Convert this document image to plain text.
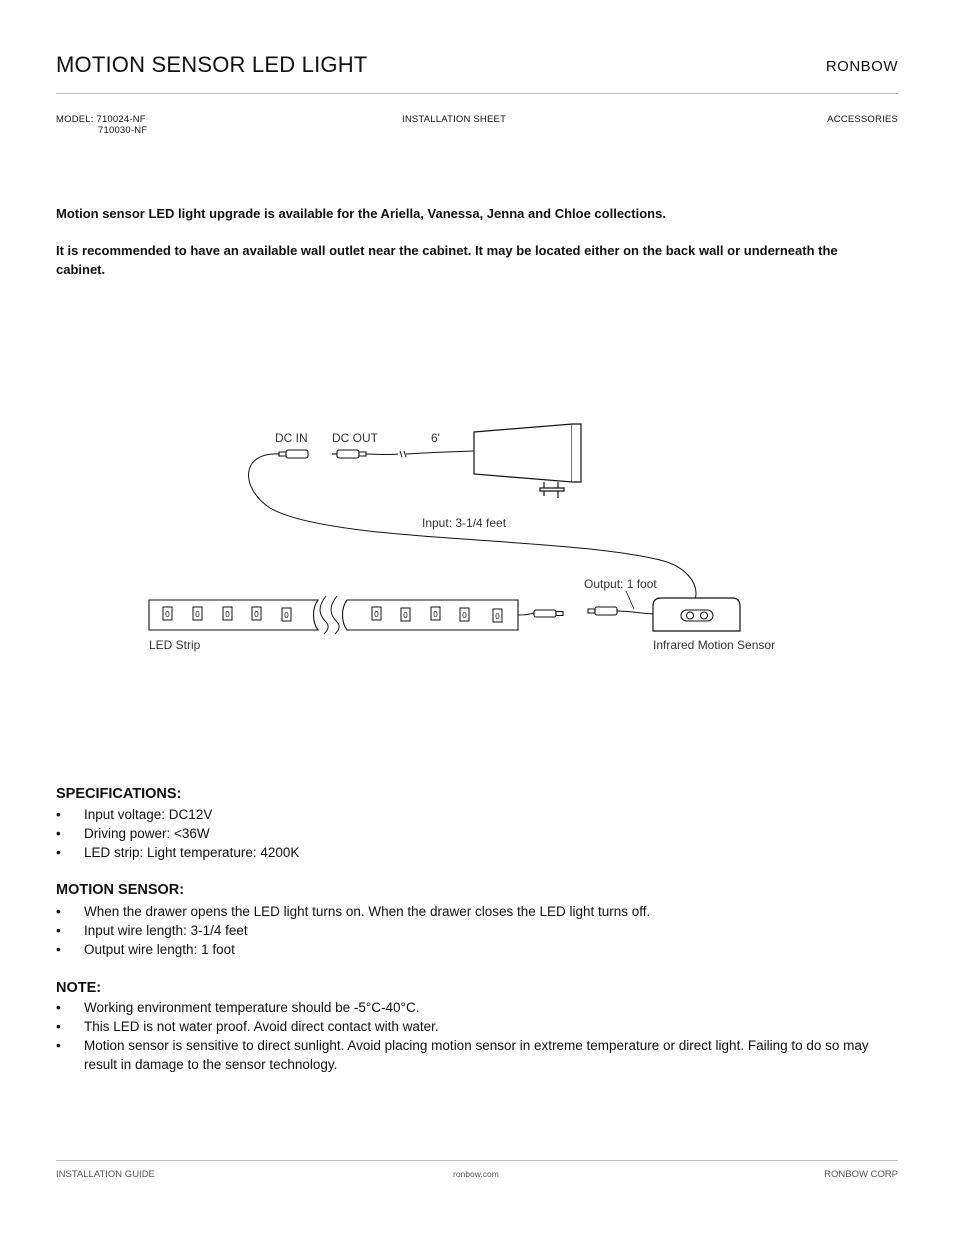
MOTION SENSOR LED LIGHT	RONBOW
MODEL: 710024-NF
710030-NF
INSTALLATION SHEET	ACCESSORIES
Motion sensor LED light upgrade is available for the Ariella, Vanessa, Jenna and Chloe collections.
It is recommended to have an available wall outlet near the cabinet. It may be located either on the back wall or underneath the cabinet.
DC IN DC OUT	6'
Input: 3-1/4 feet
Output: 1 foot
LED Strip	Infrared Motion Sensor
0	0	0	0	0	0	0	0	0	0
SPECIFICATIONS:
• Input voltage: DC12V
• Driving power: <36W
• LED strip: Light temperature: 4200K
MOTION SENSOR:
• When the drawer opens the LED light turns on. When the drawer closes the LED light turns off.
• Input wire length: 3-1/4 feet
• Output wire length: 1 foot
NOTE:
• Working environment temperature should be -5°C-40°C.
• This LED is not water proof. Avoid direct contact with water.
• Motion sensor is sensitive to direct sunlight. Avoid placing motion sensor in extreme temperature or direct light. Failing to do so may result in damage to the sensor technology.
INSTALLATION GUIDE	ronbow.com	RONBOW CORP
